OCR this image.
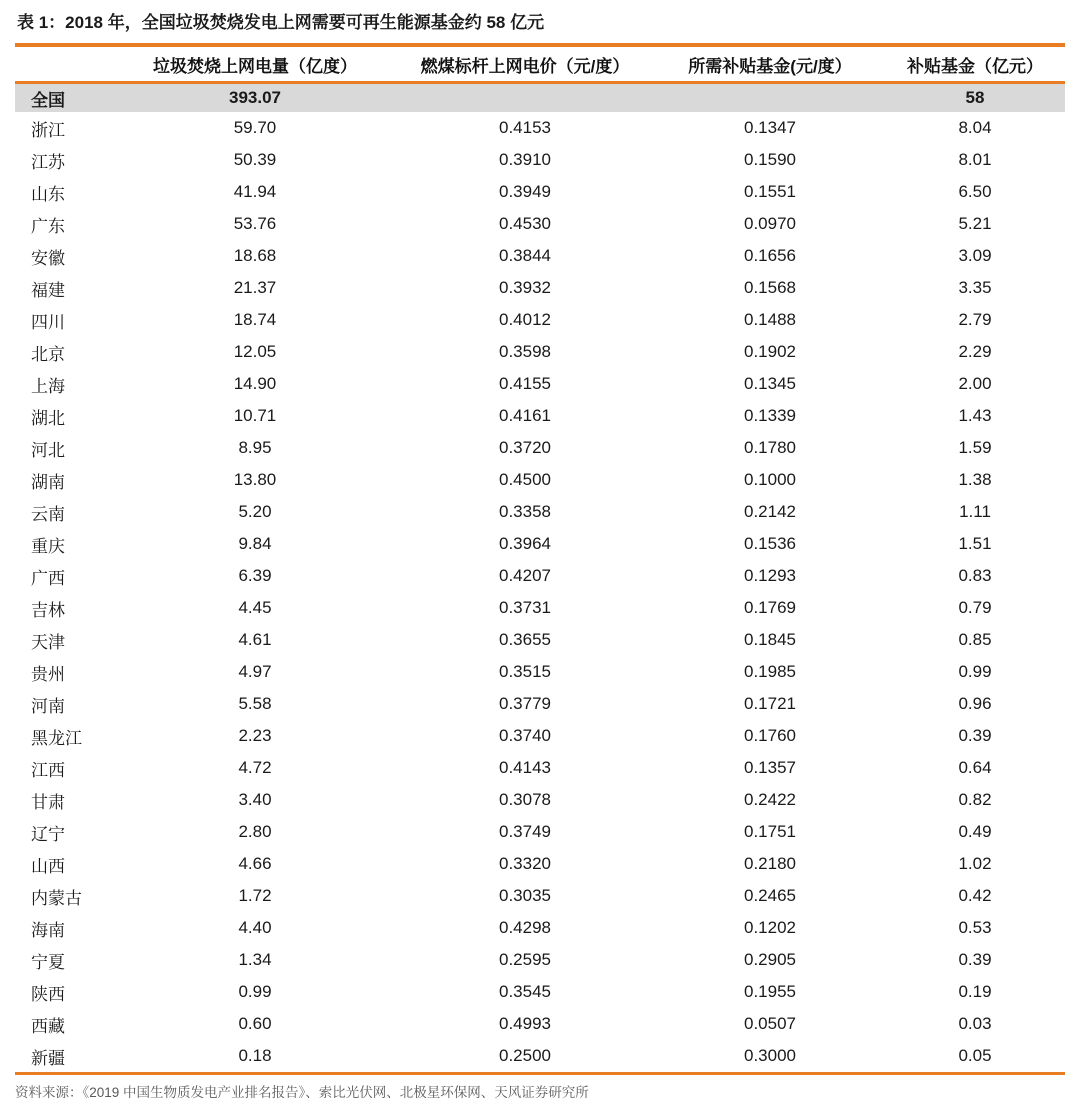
表 1：2018 年，全国垃圾焚烧发电上网需要可再生能源基金约 58 亿元
	垃圾焚烧上网电量（亿度）	燃煤标杆上网电价（元/度）	所需补贴基金(元/度）	补贴基金（亿元）
全国	393.07			58
浙江	59.70	0.4153	0.1347	8.04
江苏	50.39	0.3910	0.1590	8.01
山东	41.94	0.3949	0.1551	6.50
广东	53.76	0.4530	0.0970	5.21
安徽	18.68	0.3844	0.1656	3.09
福建	21.37	0.3932	0.1568	3.35
四川	18.74	0.4012	0.1488	2.79
北京	12.05	0.3598	0.1902	2.29
上海	14.90	0.4155	0.1345	2.00
湖北	10.71	0.4161	0.1339	1.43
河北	8.95	0.3720	0.1780	1.59
湖南	13.80	0.4500	0.1000	1.38
云南	5.20	0.3358	0.2142	1.11
重庆	9.84	0.3964	0.1536	1.51
广西	6.39	0.4207	0.1293	0.83
吉林	4.45	0.3731	0.1769	0.79
天津	4.61	0.3655	0.1845	0.85
贵州	4.97	0.3515	0.1985	0.99
河南	5.58	0.3779	0.1721	0.96
黑龙江	2.23	0.3740	0.1760	0.39
江西	4.72	0.4143	0.1357	0.64
甘肃	3.40	0.3078	0.2422	0.82
辽宁	2.80	0.3749	0.1751	0.49
山西	4.66	0.3320	0.2180	1.02
内蒙古	1.72	0.3035	0.2465	0.42
海南	4.40	0.4298	0.1202	0.53
宁夏	1.34	0.2595	0.2905	0.39
陕西	0.99	0.3545	0.1955	0.19
西藏	0.60	0.4993	0.0507	0.03
新疆	0.18	0.2500	0.3000	0.05
资料来源：《2019 中国生物质发电产业排名报告》、索比光伏网、北极星环保网、天风证券研究所
